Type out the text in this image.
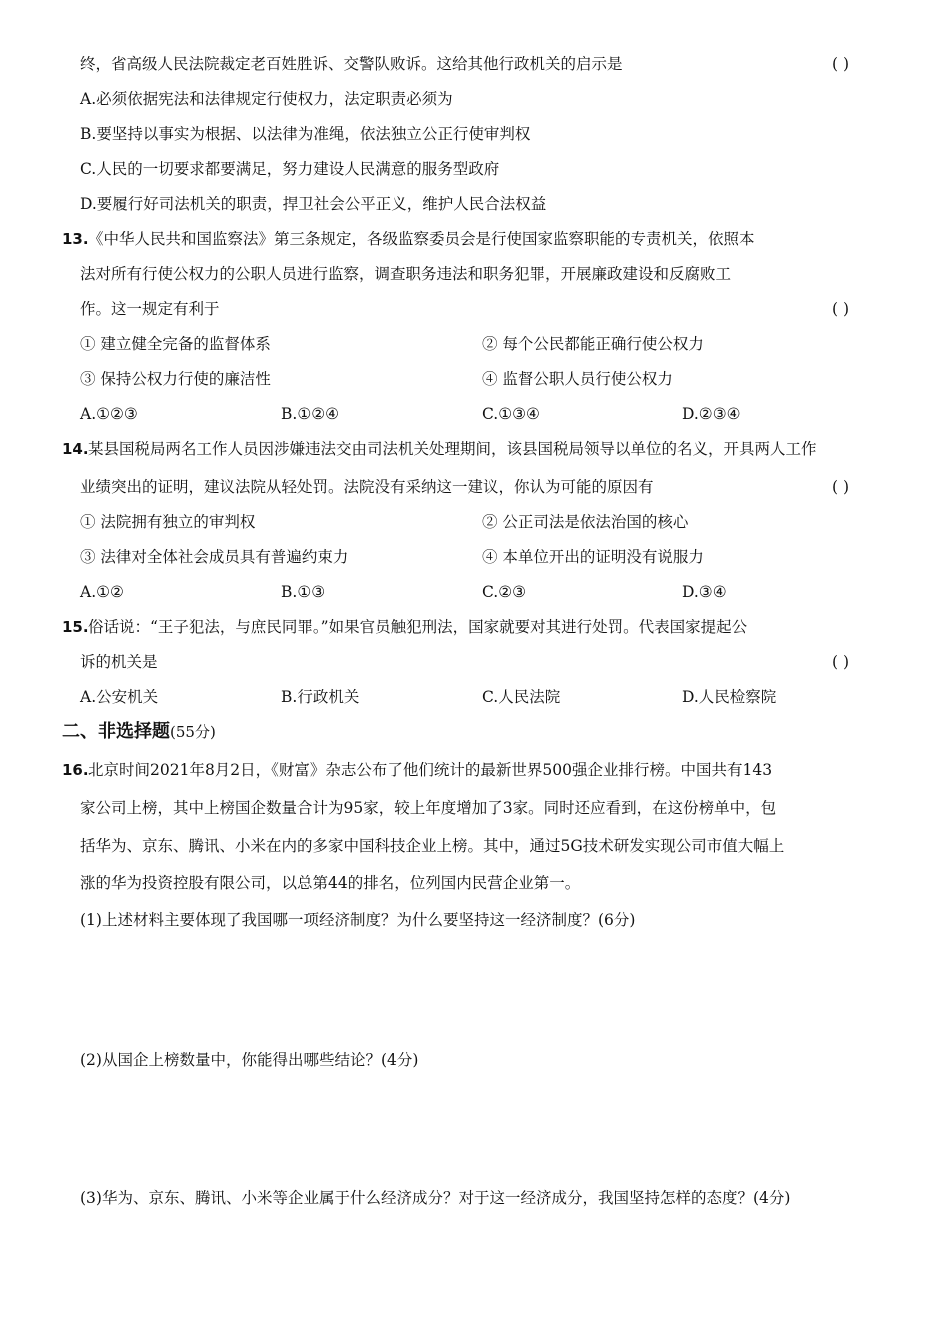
终，省高级人民法院裁定老百姓胜诉、交警队败诉。这给其他行政机关的启示是	( )
A.必须依据宪法和法律规定行使权力，法定职责必须为
B.要坚持以事实为根据、以法律为准绳，依法独立公正行使审判权
C.人民的一切要求都要满足，努力建设人民满意的服务型政府
D.要履行好司法机关的职责，捍卫社会公平正义，维护人民合法权益
13. 《中华人民共和国监察法》第三条规定，各级监察委员会是行使国家监察职能的专责机关，依照本
法对所有行使公权力的公职人员进行监察，调查职务违法和职务犯罪，开展廉政建设和反腐败工
作。这一规定有利于	( )
① 建立健全完备的监督体系	② 每个公民都能正确行使公权力
③ 保持公权力行使的廉洁性	④ 监督公职人员行使公权力
A.①②③	B.①②④	C.①③④	D.②③④
14. 某县国税局两名工作人员因涉嫌违法交由司法机关处理期间，该县国税局领导以单位的名义，开具两人工作
业绩突出的证明，建议法院从轻处罚。法院没有采纳这一建议，你认为可能的原因有	( )
① 法院拥有独立的审判权	② 公正司法是依法治国的核心
③ 法律对全体社会成员具有普遍约束力	④ 本单位开出的证明没有说服力
A.①②	B.①③	C.②③	D.③④
15. 俗话说：“王子犯法，与庶民同罪。”如果官员触犯刑法，国家就要对其进行处罚。代表国家提起公
诉的机关是	( )
A.公安机关	B.行政机关	C.人民法院	D.人民检察院
二、非选择题(55分)
16. 北京时间2021年8月2日，《财富》杂志公布了他们统计的最新世界500强企业排行榜。中国共有143
家公司上榜，其中上榜国企数量合计为95家，较上年度增加了3家。同时还应看到，在这份榜单中，包
括华为、京东、腾讯、小米在内的多家中国科技企业上榜。其中，通过5G技术研发实现公司市值大幅上
涨的华为投资控股有限公司，以总第44的排名，位列国内民营企业第一。
(1)上述材料主要体现了我国哪一项经济制度？为什么要坚持这一经济制度？(6分)
(2)从国企上榜数量中，你能得出哪些结论？(4分)
(3)华为、京东、腾讯、小米等企业属于什么经济成分？对于这一经济成分，我国坚持怎样的态度？(4分)
